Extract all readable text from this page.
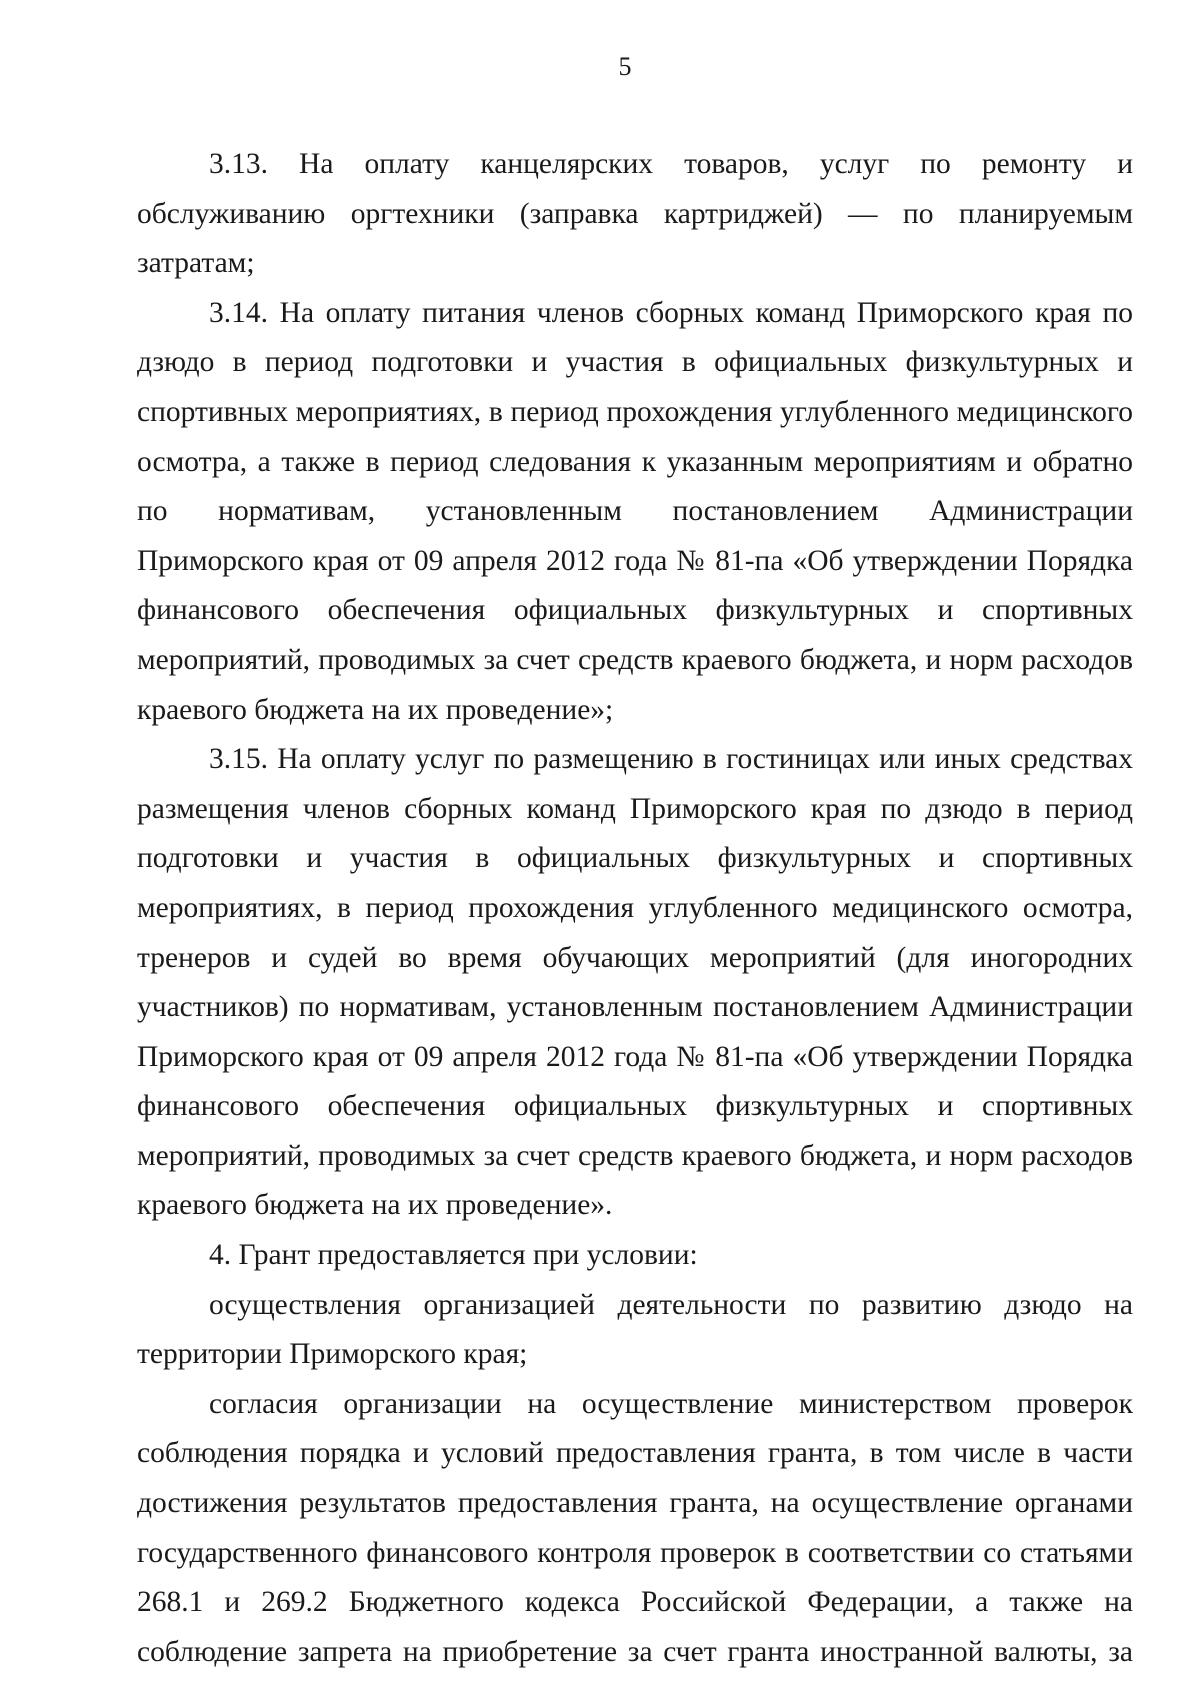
5

3.13. На оплату канцелярских товаров, услуг по ремонту и обслуживанию оргтехники (заправка картриджей) — по планируемым затратам;

3.14. На оплату питания членов сборных команд Приморского края по дзюдо в период подготовки и участия в официальных физкультурных и спортивных мероприятиях, в период прохождения углубленного медицинского осмотра, а также в период следования к указанным мероприятиям и обратно по нормативам, установленным постановлением Администрации Приморского края от 09 апреля 2012 года № 81-па «Об утверждении Порядка финансового обеспечения официальных физкультурных и спортивных мероприятий, проводимых за счет средств краевого бюджета, и норм расходов краевого бюджета на их проведение»;

3.15. На оплату услуг по размещению в гостиницах или иных средствах размещения членов сборных команд Приморского края по дзюдо в период подготовки и участия в официальных физкультурных и спортивных мероприятиях, в период прохождения углубленного медицинского осмотра, тренеров и судей во время обучающих мероприятий (для иногородних участников) по нормативам, установленным постановлением Администрации Приморского края от 09 апреля 2012 года № 81-па «Об утверждении Порядка финансового обеспечения официальных физкультурных и спортивных мероприятий, проводимых за счет средств краевого бюджета, и норм расходов краевого бюджета на их проведение».

4. Грант предоставляется при условии:

осуществления организацией деятельности по развитию дзюдо на территории Приморского края;

согласия организации на осуществление министерством проверок соблюдения порядка и условий предоставления гранта, в том числе в части достижения результатов предоставления гранта, на осуществление органами государственного финансового контроля проверок в соответствии со статьями 268.1 и 269.2 Бюджетного кодекса Российской Федерации, а также на соблюдение запрета на приобретение за счет гранта иностранной валюты, за
